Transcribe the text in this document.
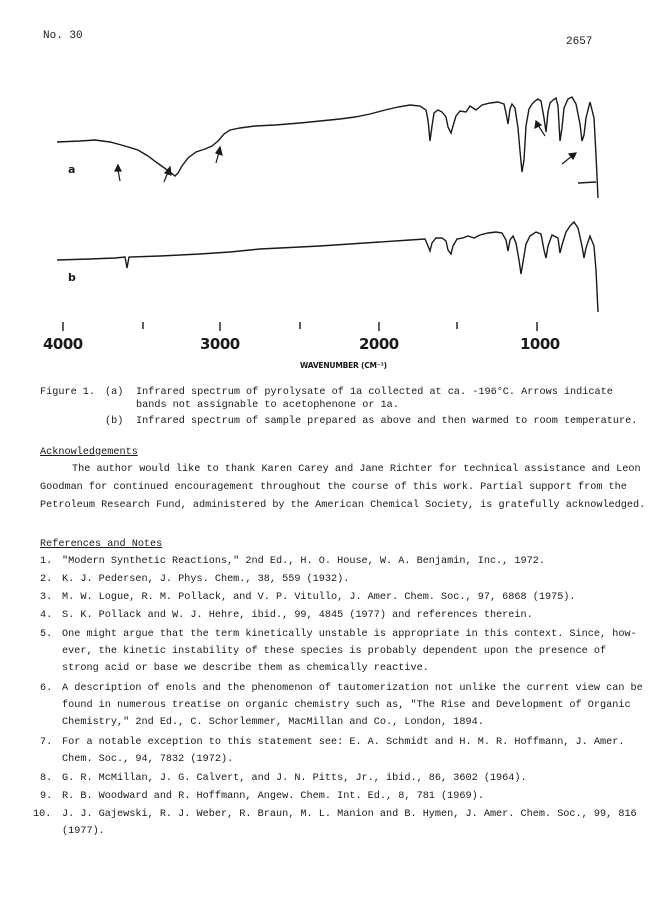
No. 30	2657
a
b
4000	3000	2000	1000
WAVENUMBER (CM⁻¹)
Figure 1. (a) Infrared spectrum of pyrolysate of 1a collected at ca. -196°C. Arrows indicate
bands not assignable to acetophenone or 1a.
(b) Infrared spectrum of sample prepared as above and then warmed to room temperature.
Acknowledgements
The author would like to thank Karen Carey and Jane Richter for technical assistance and Leon
Goodman for continued encouragement throughout the course of this work. Partial support from the
Petroleum Research Fund, administered by the American Chemical Society, is gratefully acknowledged.
References and Notes
1. "Modern Synthetic Reactions," 2nd Ed., H. O. House, W. A. Benjamin, Inc., 1972.
2. K. J. Pedersen, J. Phys. Chem., 38, 559 (1932).
3. M. W. Logue, R. M. Pollack, and V. P. Vitullo, J. Amer. Chem. Soc., 97, 6868 (1975).
4. S. K. Pollack and W. J. Hehre, ibid., 99, 4845 (1977) and references therein.
5. One might argue that the term kinetically unstable is appropriate in this context. Since, how-
ever, the kinetic instability of these species is probably dependent upon the presence of
strong acid or base we describe them as chemically reactive.
6. A description of enols and the phenomenon of tautomerization not unlike the current view can be
found in numerous treatise on organic chemistry such as, "The Rise and Development of Organic
Chemistry," 2nd Ed., C. Schorlemmer, MacMillan and Co., London, 1894.
7. For a notable exception to this statement see: E. A. Schmidt and H. M. R. Hoffmann, J. Amer.
Chem. Soc., 94, 7832 (1972).
8. G. R. McMillan, J. G. Calvert, and J. N. Pitts, Jr., ibid., 86, 3602 (1964).
9. R. B. Woodward and R. Hoffmann, Angew. Chem. Int. Ed., 8, 781 (1969).
10. J. J. Gajewski, R. J. Weber, R. Braun, M. L. Manion and B. Hymen, J. Amer. Chem. Soc., 99, 816
(1977).
